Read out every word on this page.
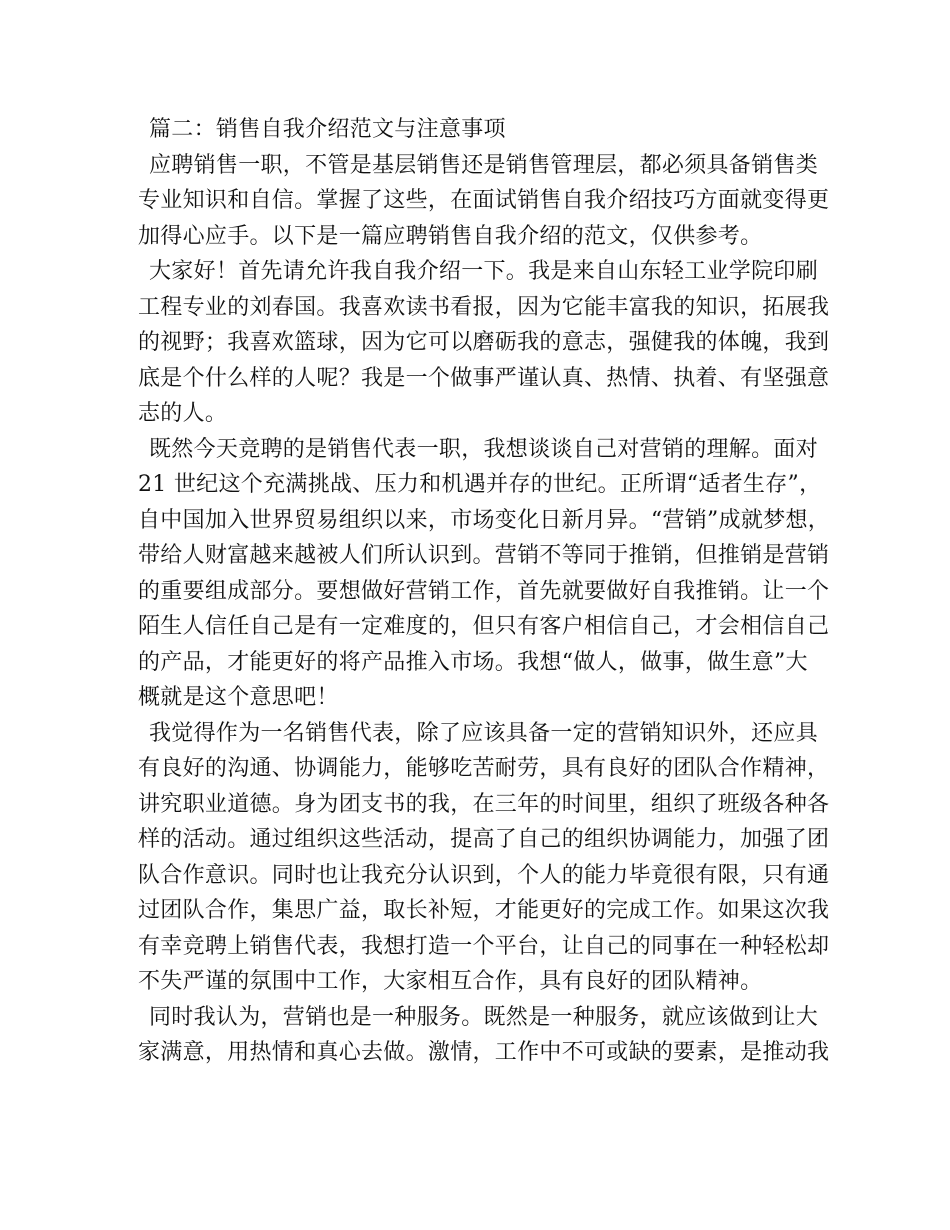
篇二：销售自我介绍范文与注意事项
应聘销售一职，不管是基层销售还是销售管理层，都必须具备销售类
专业知识和自信。掌握了这些，在面试销售自我介绍技巧方面就变得更
加得心应手。以下是一篇应聘销售自我介绍的范文，仅供参考。
大家好！首先请允许我自我介绍一下。我是来自山东轻工业学院印刷
工程专业的刘春国。我喜欢读书看报，因为它能丰富我的知识，拓展我
的视野；我喜欢篮球，因为它可以磨砺我的意志，强健我的体魄，我到
底是个什么样的人呢？我是一个做事严谨认真、热情、执着、有坚强意
志的人。
既然今天竞聘的是销售代表一职，我想谈谈自己对营销的理解。面对
21 世纪这个充满挑战、压力和机遇并存的世纪。正所谓“适者生存”，
自中国加入世界贸易组织以来，市场变化日新月异。“营销”成就梦想，
带给人财富越来越被人们所认识到。营销不等同于推销，但推销是营销
的重要组成部分。要想做好营销工作，首先就要做好自我推销。让一个
陌生人信任自己是有一定难度的，但只有客户相信自己，才会相信自己
的产品，才能更好的将产品推入市场。我想“做人，做事，做生意”大
概就是这个意思吧！
我觉得作为一名销售代表，除了应该具备一定的营销知识外，还应具
有良好的沟通、协调能力，能够吃苦耐劳，具有良好的团队合作精神，
讲究职业道德。身为团支书的我，在三年的时间里，组织了班级各种各
样的活动。通过组织这些活动，提高了自己的组织协调能力，加强了团
队合作意识。同时也让我充分认识到，个人的能力毕竟很有限，只有通
过团队合作，集思广益，取长补短，才能更好的完成工作。如果这次我
有幸竞聘上销售代表，我想打造一个平台，让自己的同事在一种轻松却
不失严谨的氛围中工作，大家相互合作，具有良好的团队精神。
同时我认为，营销也是一种服务。既然是一种服务，就应该做到让大
家满意，用热情和真心去做。激情，工作中不可或缺的要素，是推动我
